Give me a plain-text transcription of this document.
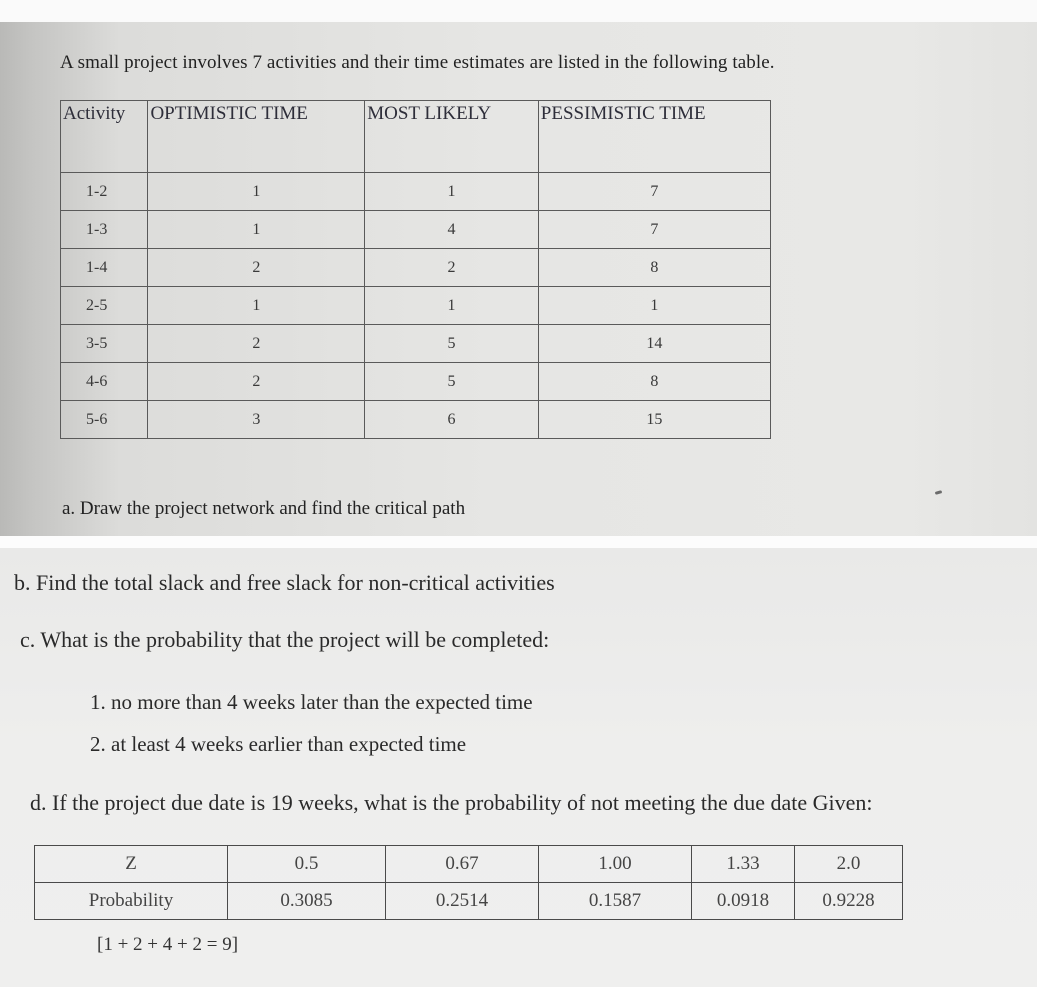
A small project involves 7 activities and their time estimates are listed in the following table.
Activity	OPTIMISTIC TIME	MOST LIKELY	PESSIMISTIC TIME
1-2	1	1	7
1-3	1	4	7
1-4	2	2	8
2-5	1	1	1
3-5	2	5	14
4-6	2	5	8
5-6	3	6	15
a. Draw the project network and find the critical path
b. Find the total slack and free slack for non-critical activities
c. What is the probability that the project will be completed:
1. no more than 4 weeks later than the expected time
2. at least 4 weeks earlier than expected time
d. If the project due date is 19 weeks, what is the probability of not meeting the due date Given:
Z	0.5	0.67	1.00	1.33	2.0
Probability	0.3085	0.2514	0.1587	0.0918	0.9228
[1 + 2 + 4 + 2 = 9]
